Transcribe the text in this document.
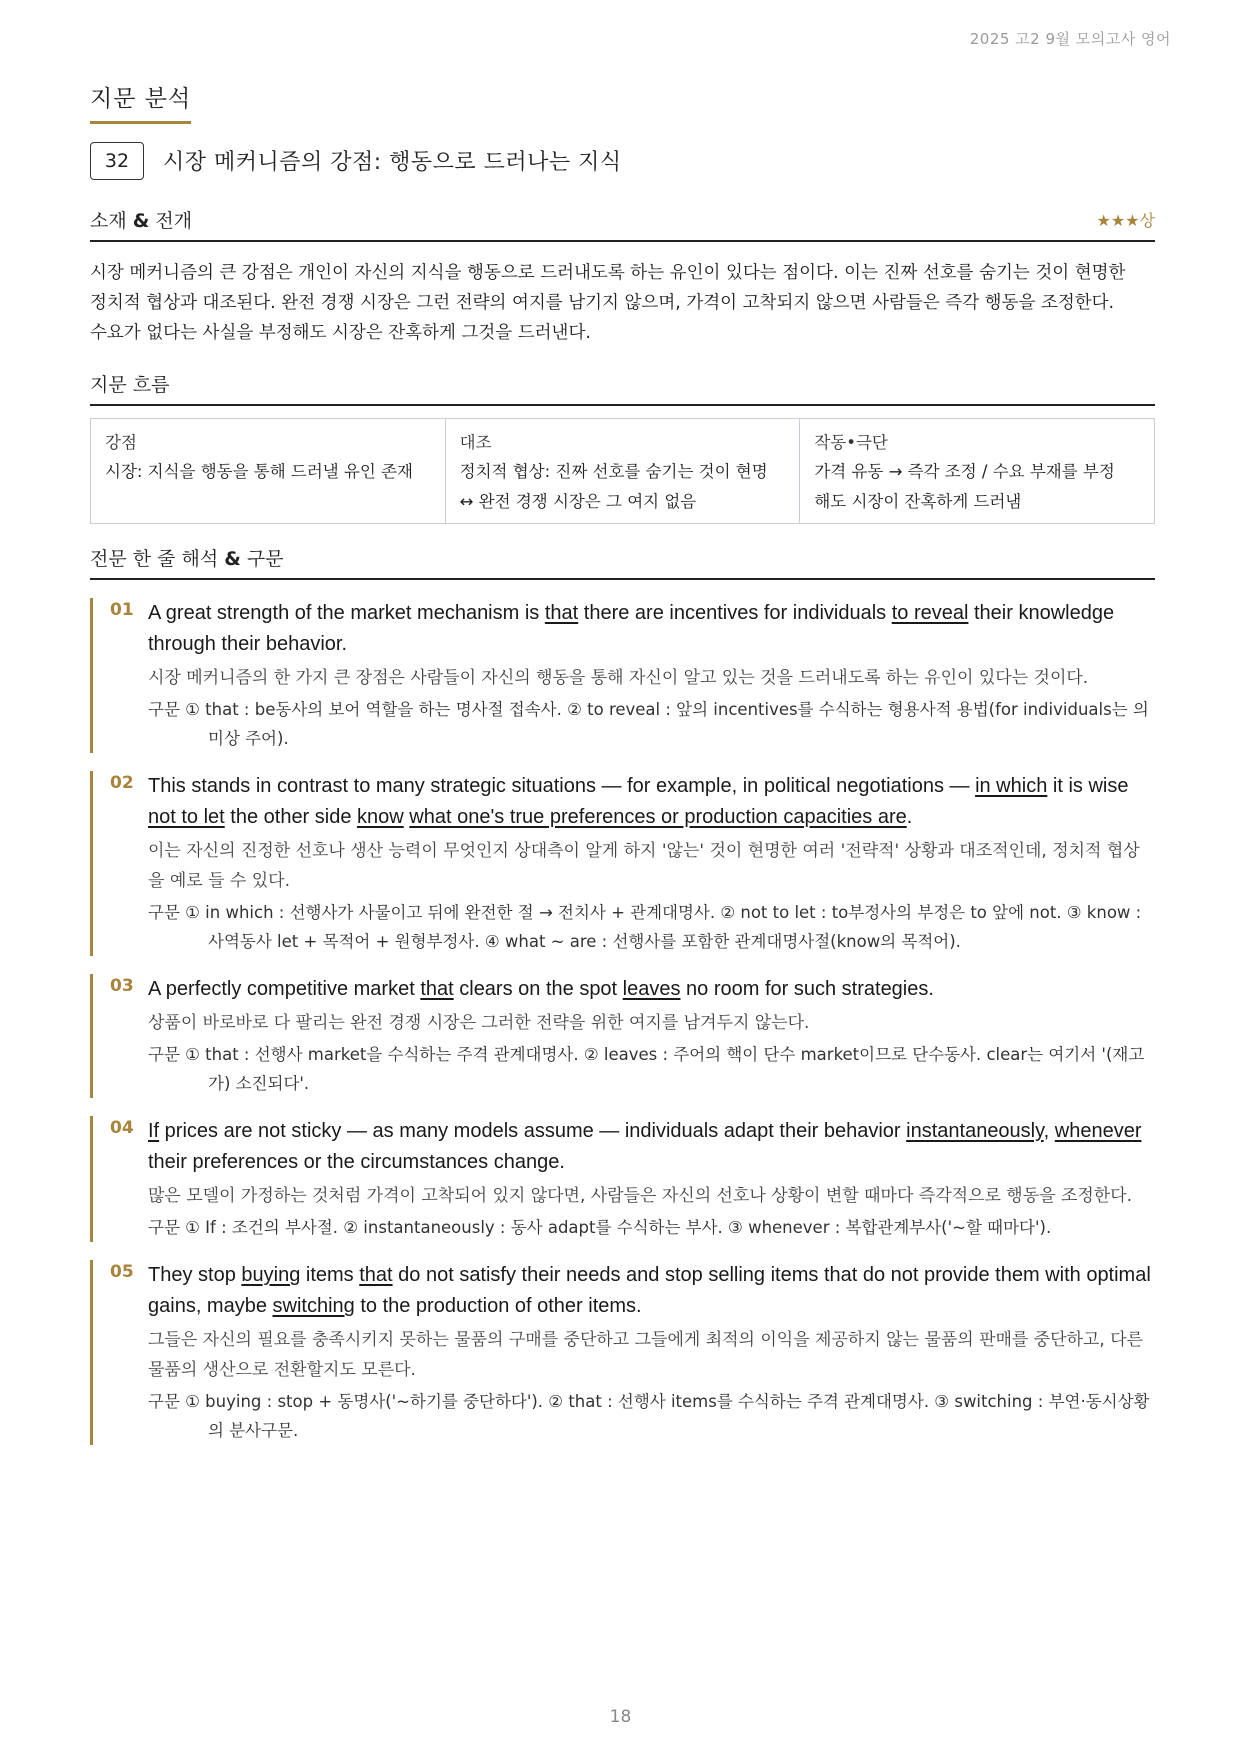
2025 고2 9월 모의고사 영어
지문 분석
32	시장 메커니즘의 강점: 행동으로 드러나는 지식
소재 & 전개	★★★상
시장 메커니즘의 큰 강점은 개인이 자신의 지식을 행동으로 드러내도록 하는 유인이 있다는 점이다. 이는 진짜 선호를 숨기는 것이 현명한
정치적 협상과 대조된다. 완전 경쟁 시장은 그런 전략의 여지를 남기지 않으며, 가격이 고착되지 않으면 사람들은 즉각 행동을 조정한다.
수요가 없다는 사실을 부정해도 시장은 잔혹하게 그것을 드러낸다.
지문 흐름
강점
시장: 지식을 행동을 통해 드러낼 유인 존재
대조
정치적 협상: 진짜 선호를 숨기는 것이 현명
↔ 완전 경쟁 시장은 그 여지 없음
작동•극단
가격 유동 → 즉각 조정 / 수요 부재를 부정
해도 시장이 잔혹하게 드러냄
전문 한 줄 해석 & 구문
01 A great strength of the market mechanism is that there are incentives for individuals to reveal their knowledge through their behavior.
시장 메커니즘의 한 가지 큰 장점은 사람들이 자신의 행동을 통해 자신이 알고 있는 것을 드러내도록 하는 유인이 있다는 것이다.
구문 ① that : be동사의 보어 역할을 하는 명사절 접속사. ② to reveal : 앞의 incentives를 수식하는 형용사적 용법(for individuals는 의미상 주어).
02 This stands in contrast to many strategic situations — for example, in political negotiations — in which it is wise not to let the other side know what one's true preferences or production capacities are.
이는 자신의 진정한 선호나 생산 능력이 무엇인지 상대측이 알게 하지 '않는' 것이 현명한 여러 '전략적' 상황과 대조적인데, 정치적 협상을 예로 들 수 있다.
구문 ① in which : 선행사가 사물이고 뒤에 완전한 절 → 전치사 + 관계대명사. ② not to let : to부정사의 부정은 to 앞에 not. ③ know : 사역동사 let + 목적어 + 원형부정사. ④ what ~ are : 선행사를 포함한 관계대명사절(know의 목적어).
03 A perfectly competitive market that clears on the spot leaves no room for such strategies.
상품이 바로바로 다 팔리는 완전 경쟁 시장은 그러한 전략을 위한 여지를 남겨두지 않는다.
구문 ① that : 선행사 market을 수식하는 주격 관계대명사. ② leaves : 주어의 핵이 단수 market이므로 단수동사. clear는 여기서 '(재고가) 소진되다'.
04 If prices are not sticky — as many models assume — individuals adapt their behavior instantaneously, whenever their preferences or the circumstances change.
많은 모델이 가정하는 것처럼 가격이 고착되어 있지 않다면, 사람들은 자신의 선호나 상황이 변할 때마다 즉각적으로 행동을 조정한다.
구문 ① If : 조건의 부사절. ② instantaneously : 동사 adapt를 수식하는 부사. ③ whenever : 복합관계부사('~할 때마다').
05 They stop buying items that do not satisfy their needs and stop selling items that do not provide them with optimal gains, maybe switching to the production of other items.
그들은 자신의 필요를 충족시키지 못하는 물품의 구매를 중단하고 그들에게 최적의 이익을 제공하지 않는 물품의 판매를 중단하고, 다른 물품의 생산으로 전환할지도 모른다.
구문 ① buying : stop + 동명사('~하기를 중단하다'). ② that : 선행사 items를 수식하는 주격 관계대명사. ③ switching : 부연·동시상황의 분사구문.
18
